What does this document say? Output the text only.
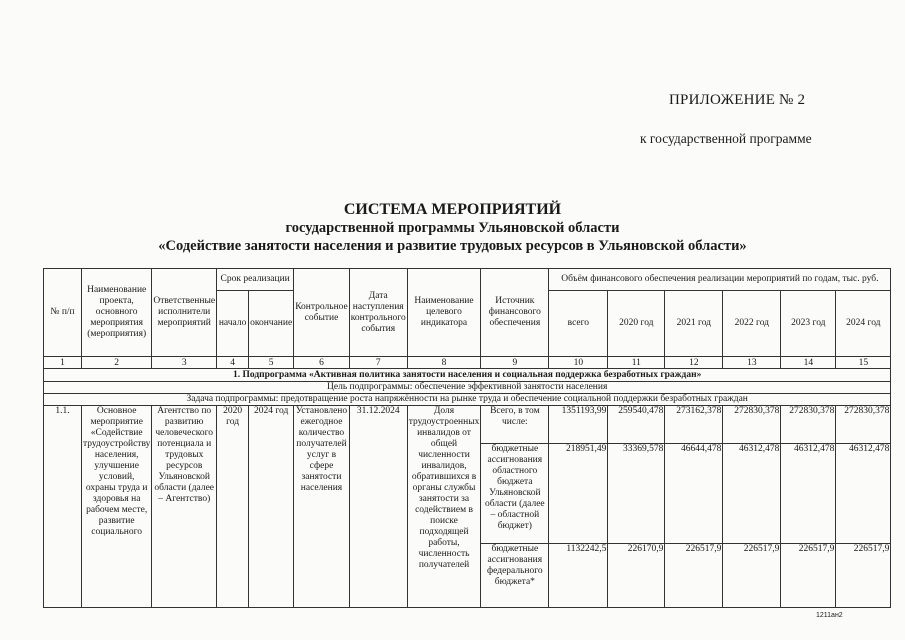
ПРИЛОЖЕНИЕ № 2
к государственной программе
СИСТЕМА МЕРОПРИЯТИЙ
государственной программы Ульяновской области
«Содействие занятости населения и развитие трудовых ресурсов в Ульяновской области»
№ п/п	Наименование проекта, основного мероприятия (мероприятия)	Ответственные исполнители мероприятий	Срок реализации		Контрольное событие	Дата наступления контрольного события	Наименование целевого индикатора	Источник финансового обеспечения	Объём финансового обеспечения реализации мероприятий по годам, тыс. руб.					
			начало	окончание					всего	2020 год	2021 год	2022 год	2023 год	2024 год
1	2	3	4	5	6	7	8	9	10	11	12	13	14	15
1. Подпрограмма «Активная политика занятости населения и социальная поддержка безработных граждан»														
Цель подпрограммы: обеспечение эффективной занятости населения														
Задача подпрограммы: предотвращение роста напряжённости на рынке труда и обеспечение социальной поддержки безработных граждан														
1.1.	Основное мероприятие «Содействие трудоустройству населения, улучшение условий, охраны труда и здоровья на рабочем месте, развитие социального	Агентство по развитию человеческого потенциала и трудовых ресурсов Ульяновской области (далее – Агентство)	2020 год	2024 год	Установлено ежегодное количество получателей услуг в сфере занятости населения	31.12.2024	Доля трудоустроенных инвалидов от общей численности инвалидов, обратившихся в органы службы занятости за содействием в поиске подходящей работы, численность получателей	Всего, в том числе:	1351193,99	259540,478	273162,378	272830,378	272830,378	272830,378
								бюджетные ассигнования областного бюджета Ульяновской области (далее – областной бюджет)	218951,49	33369,578	46644,478	46312,478	46312,478	46312,478
								бюджетные ассигнования федерального бюджета*	1132242,5	226170,9	226517,9	226517,9	226517,9	226517,9
1211ан2
